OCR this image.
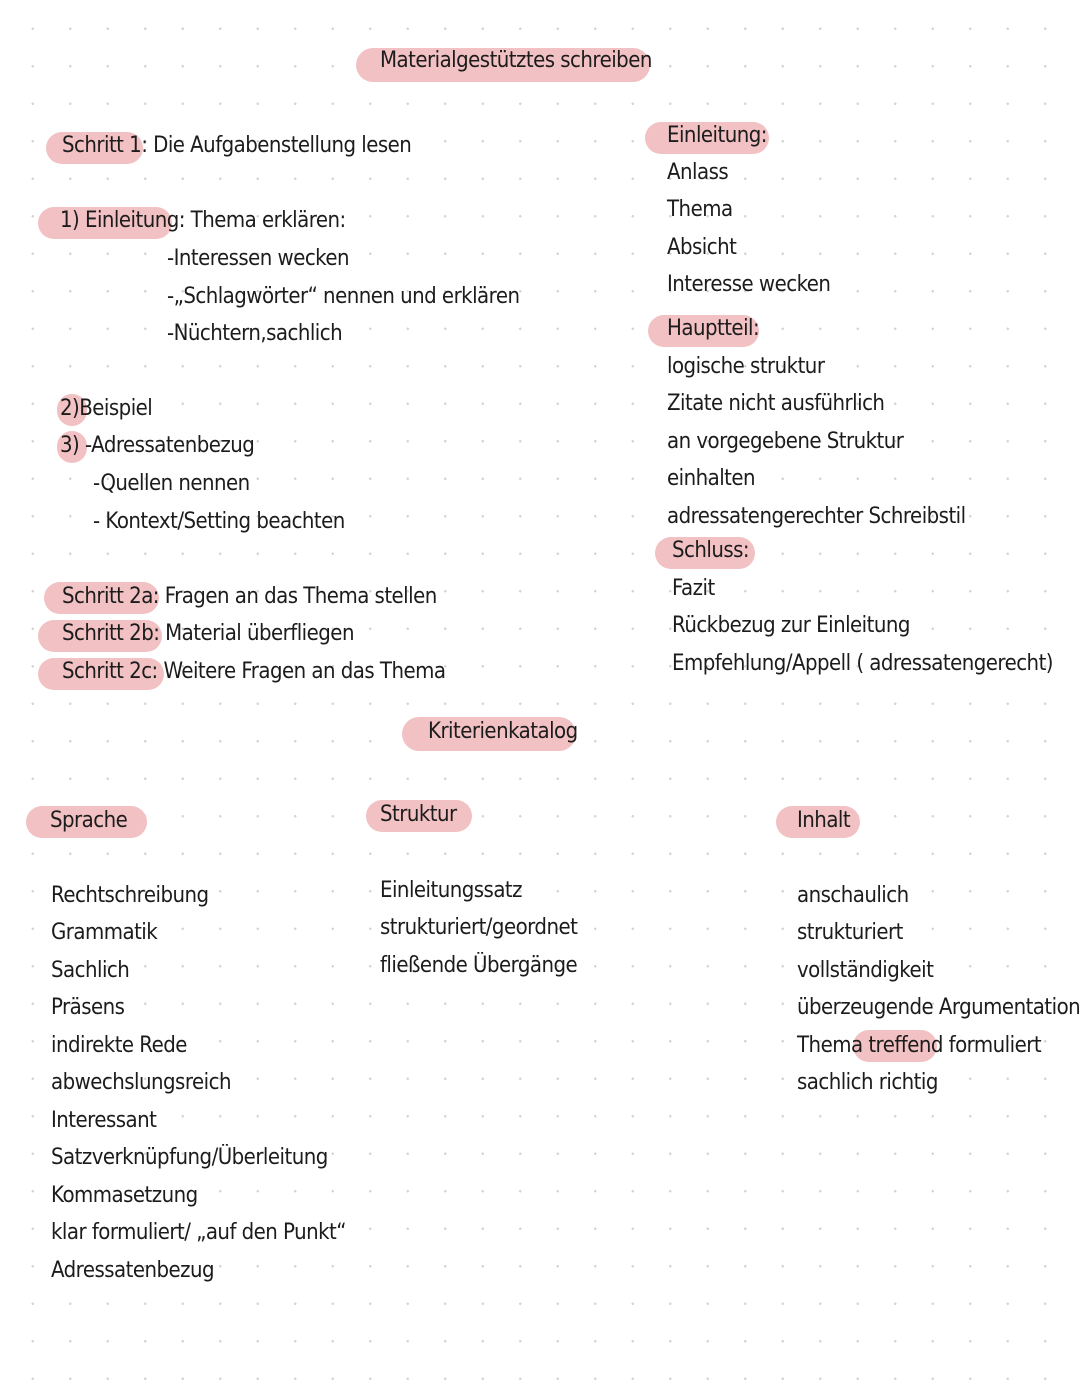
Materialgestütztes schreiben
Schritt 1: Die Aufgabenstellung lesen
1) Einleitung: Thema erklären:
-Interessen wecken
-„Schlagwörter“ nennen und erklären
-Nüchtern,sachlich
2)Beispiel
3) -Adressatenbezug
-Quellen nennen
- Kontext/Setting beachten
Schritt 2a: Fragen an das Thema stellen
Schritt 2b: Material überfliegen
Schritt 2c: Weitere Fragen an das Thema
Einleitung:
Anlass
Thema
Absicht
Interesse wecken
Hauptteil:
logische struktur
Zitate nicht ausführlich
an vorgegebene Struktur
einhalten
adressatengerechter Schreibstil
Schluss:
Fazit
Rückbezug zur Einleitung
Empfehlung/Appell ( adressatengerecht)
Kriterienkatalog
Sprache
Rechtschreibung
Grammatik
Sachlich
Präsens
indirekte Rede
abwechslungsreich
Interessant
Satzverknüpfung/Überleitung
Kommasetzung
klar formuliert/ „auf den Punkt“
Adressatenbezug
Struktur
Einleitungssatz
strukturiert/geordnet
fließende Übergänge
Inhalt
anschaulich
strukturiert
vollständigkeit
überzeugende Argumentation
Thema treffend formuliert
sachlich richtig
